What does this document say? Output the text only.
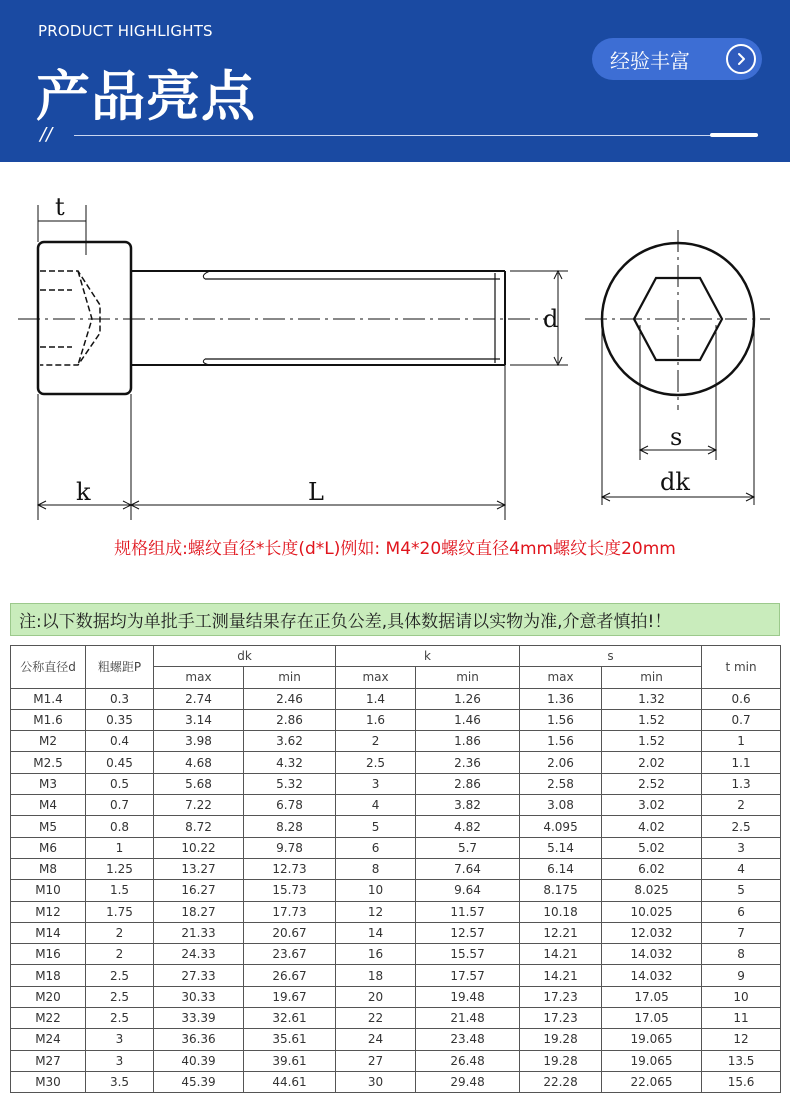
PRODUCT HIGHLIGHTS
产品亮点
//
经验丰富
t
d
k	L
s
dk
规格组成:螺纹直径*长度(d*L)例如: M4*20螺纹直径4mm螺纹长度20mm
注:以下数据均为单批手工测量结果存在正负公差,具体数据请以实物为准,介意者慎拍!！
公称直径d	粗螺距P	dk		k		s		t min
		max	min	max	min	max	min	
M1.4	0.3	2.74	2.46	1.4	1.26	1.36	1.32	0.6
M1.6	0.35	3.14	2.86	1.6	1.46	1.56	1.52	0.7
M2	0.4	3.98	3.62	2	1.86	1.56	1.52	1
M2.5	0.45	4.68	4.32	2.5	2.36	2.06	2.02	1.1
M3	0.5	5.68	5.32	3	2.86	2.58	2.52	1.3
M4	0.7	7.22	6.78	4	3.82	3.08	3.02	2
M5	0.8	8.72	8.28	5	4.82	4.095	4.02	2.5
M6	1	10.22	9.78	6	5.7	5.14	5.02	3
M8	1.25	13.27	12.73	8	7.64	6.14	6.02	4
M10	1.5	16.27	15.73	10	9.64	8.175	8.025	5
M12	1.75	18.27	17.73	12	11.57	10.18	10.025	6
M14	2	21.33	20.67	14	12.57	12.21	12.032	7
M16	2	24.33	23.67	16	15.57	14.21	14.032	8
M18	2.5	27.33	26.67	18	17.57	14.21	14.032	9
M20	2.5	30.33	19.67	20	19.48	17.23	17.05	10
M22	2.5	33.39	32.61	22	21.48	17.23	17.05	11
M24	3	36.36	35.61	24	23.48	19.28	19.065	12
M27	3	40.39	39.61	27	26.48	19.28	19.065	13.5
M30	3.5	45.39	44.61	30	29.48	22.28	22.065	15.6
